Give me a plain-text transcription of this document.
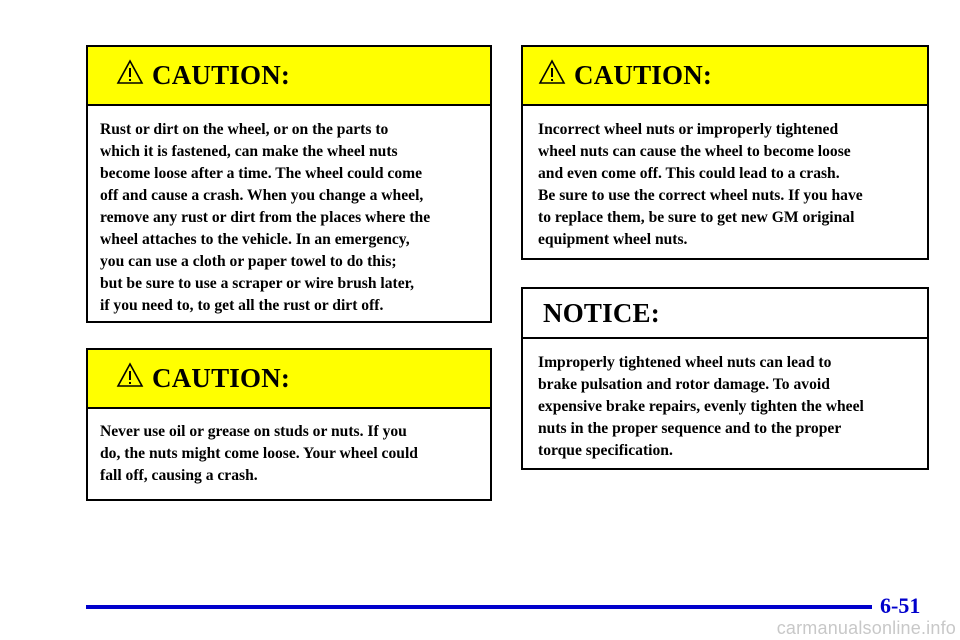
CAUTION:
Rust or dirt on the wheel, or on the parts to
which it is fastened, can make the wheel nuts
become loose after a time. The wheel could come
off and cause a crash. When you change a wheel,
remove any rust or dirt from the places where the
wheel attaches to the vehicle. In an emergency,
you can use a cloth or paper towel to do this;
but be sure to use a scraper or wire brush later,
if you need to, to get all the rust or dirt off.
CAUTION:
Never use oil or grease on studs or nuts. If you
do, the nuts might come loose. Your wheel could
fall off, causing a crash.
CAUTION:
Incorrect wheel nuts or improperly tightened
wheel nuts can cause the wheel to become loose
and even come off. This could lead to a crash.
Be sure to use the correct wheel nuts. If you have
to replace them, be sure to get new GM original
equipment wheel nuts.
NOTICE:
Improperly tightened wheel nuts can lead to
brake pulsation and rotor damage. To avoid
expensive brake repairs, evenly tighten the wheel
nuts in the proper sequence and to the proper
torque specification.
6-51
carmanualsonline.info
